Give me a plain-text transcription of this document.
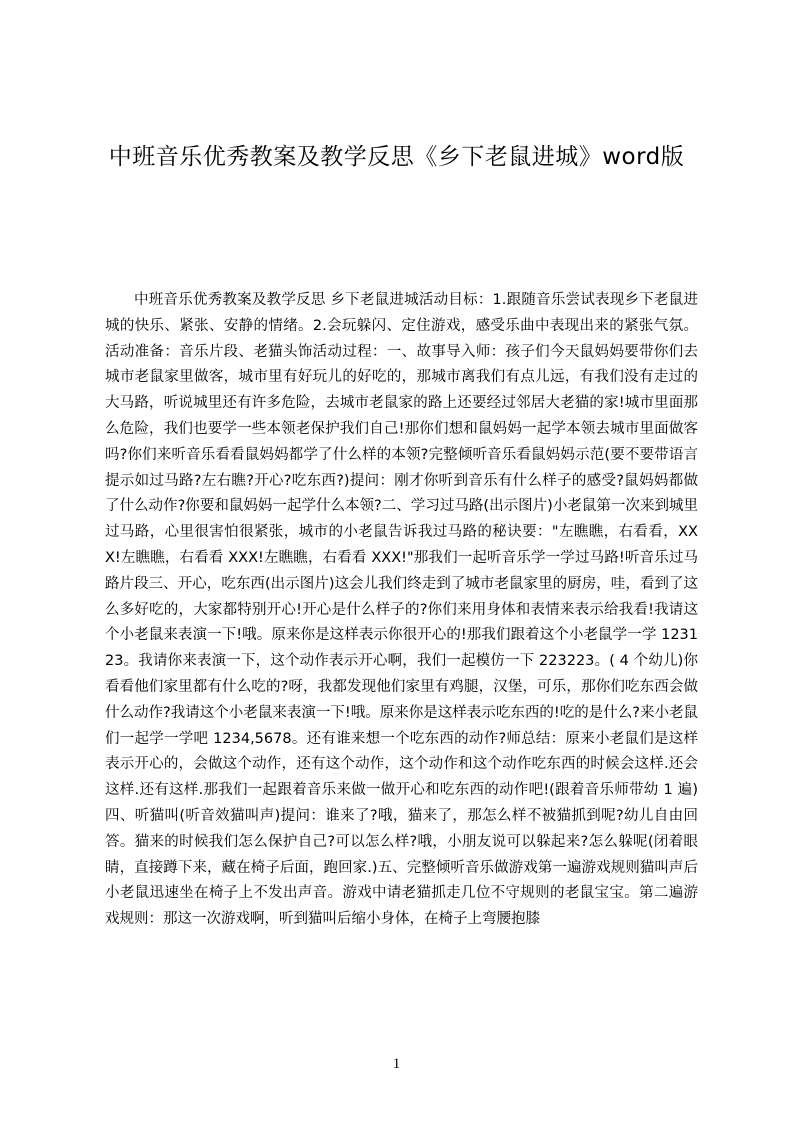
中班音乐优秀教案及教学反思《乡下老鼠进城》word版

中班音乐优秀教案及教学反思 乡下老鼠进城活动目标：1.跟随音乐尝试表现乡下老鼠进城的快乐、紧张、安静的情绪。2.会玩躲闪、定住游戏，感受乐曲中表现出来的紧张气氛。活动准备：音乐片段、老猫头饰活动过程：一、故事导入师：孩子们今天鼠妈妈要带你们去城市老鼠家里做客，城市里有好玩儿的好吃的，那城市离我们有点儿远，有我们没有走过的大马路，听说城里还有许多危险，去城市老鼠家的路上还要经过邻居大老猫的家!城市里面那么危险，我们也要学一些本领老保护我们自己!那你们想和鼠妈妈一起学本领去城市里面做客吗?你们来听音乐看看鼠妈妈都学了什么样的本领?完整倾听音乐看鼠妈妈示范(要不要带语言提示如过马路?左右瞧?开心?吃东西?)提问：刚才你听到音乐有什么样子的感受?鼠妈妈都做了什么动作?你要和鼠妈妈一起学什么本领?二、学习过马路(出示图片)小老鼠第一次来到城里过马路，心里很害怕很紧张，城市的小老鼠告诉我过马路的秘诀要："左瞧瞧，右看看，XXX!左瞧瞧，右看看 XXX!左瞧瞧，右看看 XXX!"那我们一起听音乐学一学过马路!听音乐过马路片段三、开心，吃东西(出示图片)这会儿我们终走到了城市老鼠家里的厨房，哇，看到了这么多好吃的，大家都特别开心!开心是什么样子的?你们来用身体和表情来表示给我看!我请这个小老鼠来表演一下!哦。原来你是这样表示你很开心的!那我们跟着这个小老鼠学一学 123123。我请你来表演一下，这个动作表示开心啊，我们一起模仿一下 223223。( 4 个幼儿)你看看他们家里都有什么吃的?呀，我都发现他们家里有鸡腿，汉堡，可乐，那你们吃东西会做什么动作?我请这个小老鼠来表演一下!哦。原来你是这样表示吃东西的!吃的是什么?来小老鼠们一起学一学吧 1234,5678。还有谁来想一个吃东西的动作?师总结：原来小老鼠们是这样表示开心的，会做这个动作，还有这个动作，这个动作和这个动作吃东西的时候会这样.还会这样.还有这样.那我们一起跟着音乐来做一做开心和吃东西的动作吧!(跟着音乐师带幼 1 遍)四、听猫叫(听音效猫叫声)提问：谁来了?哦，猫来了，那怎么样不被猫抓到呢?幼儿自由回答。猫来的时候我们怎么保护自己?可以怎么样?哦，小朋友说可以躲起来?怎么躲呢(闭着眼睛，直接蹲下来，藏在椅子后面，跑回家.)五、完整倾听音乐做游戏第一遍游戏规则猫叫声后小老鼠迅速坐在椅子上不发出声音。游戏中请老猫抓走几位不守规则的老鼠宝宝。第二遍游戏规则：那这一次游戏啊，听到猫叫后缩小身体，在椅子上弯腰抱膝

1
